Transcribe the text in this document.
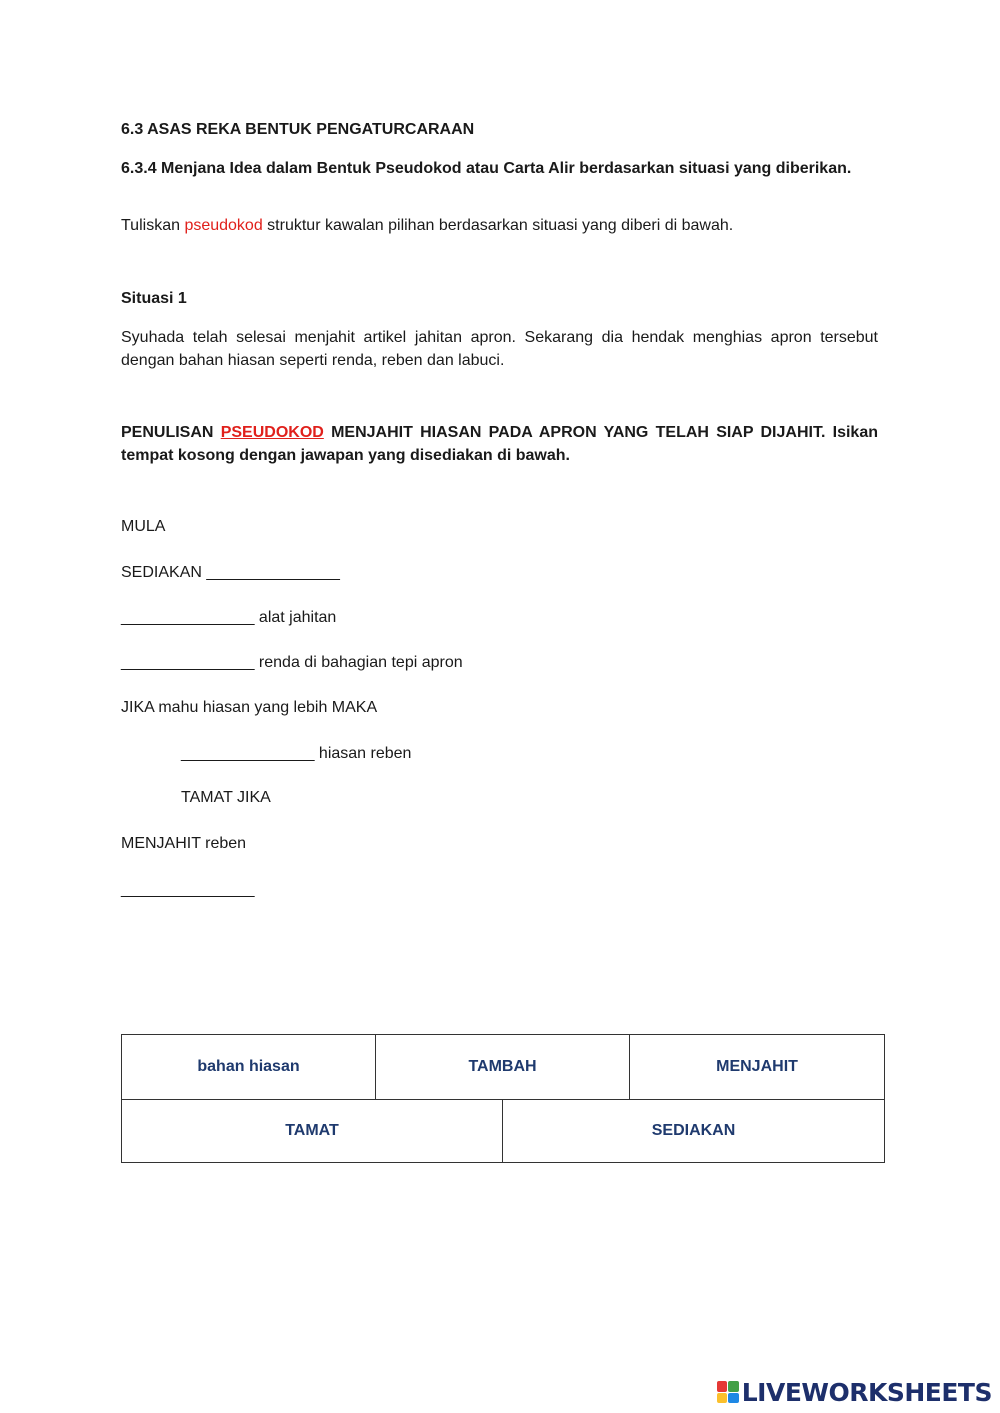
6.3 ASAS REKA BENTUK PENGATURCARAAN
6.3.4 Menjana Idea dalam Bentuk Pseudokod atau Carta Alir berdasarkan situasi yang diberikan.
Tuliskan pseudokod struktur kawalan pilihan berdasarkan situasi yang diberi di bawah.
Situasi 1
Syuhada telah selesai menjahit artikel jahitan apron. Sekarang dia hendak menghias apron tersebut dengan bahan hiasan seperti renda, reben dan labuci.
PENULISAN PSEUDOKOD MENJAHIT HIASAN PADA APRON YANG TELAH SIAP DIJAHIT. Isikan tempat kosong dengan jawapan yang disediakan di bawah.
MULA
SEDIAKAN _______________
_______________ alat jahitan
_______________ renda di bahagian tepi apron
JIKA mahu hiasan yang lebih MAKA
_______________ hiasan reben
TAMAT JIKA
MENJAHIT reben
_______________
bahan hiasan	TAMBAH		MENJAHIT
TAMAT		SEDIAKAN	
LIVEWORKSHEETS
